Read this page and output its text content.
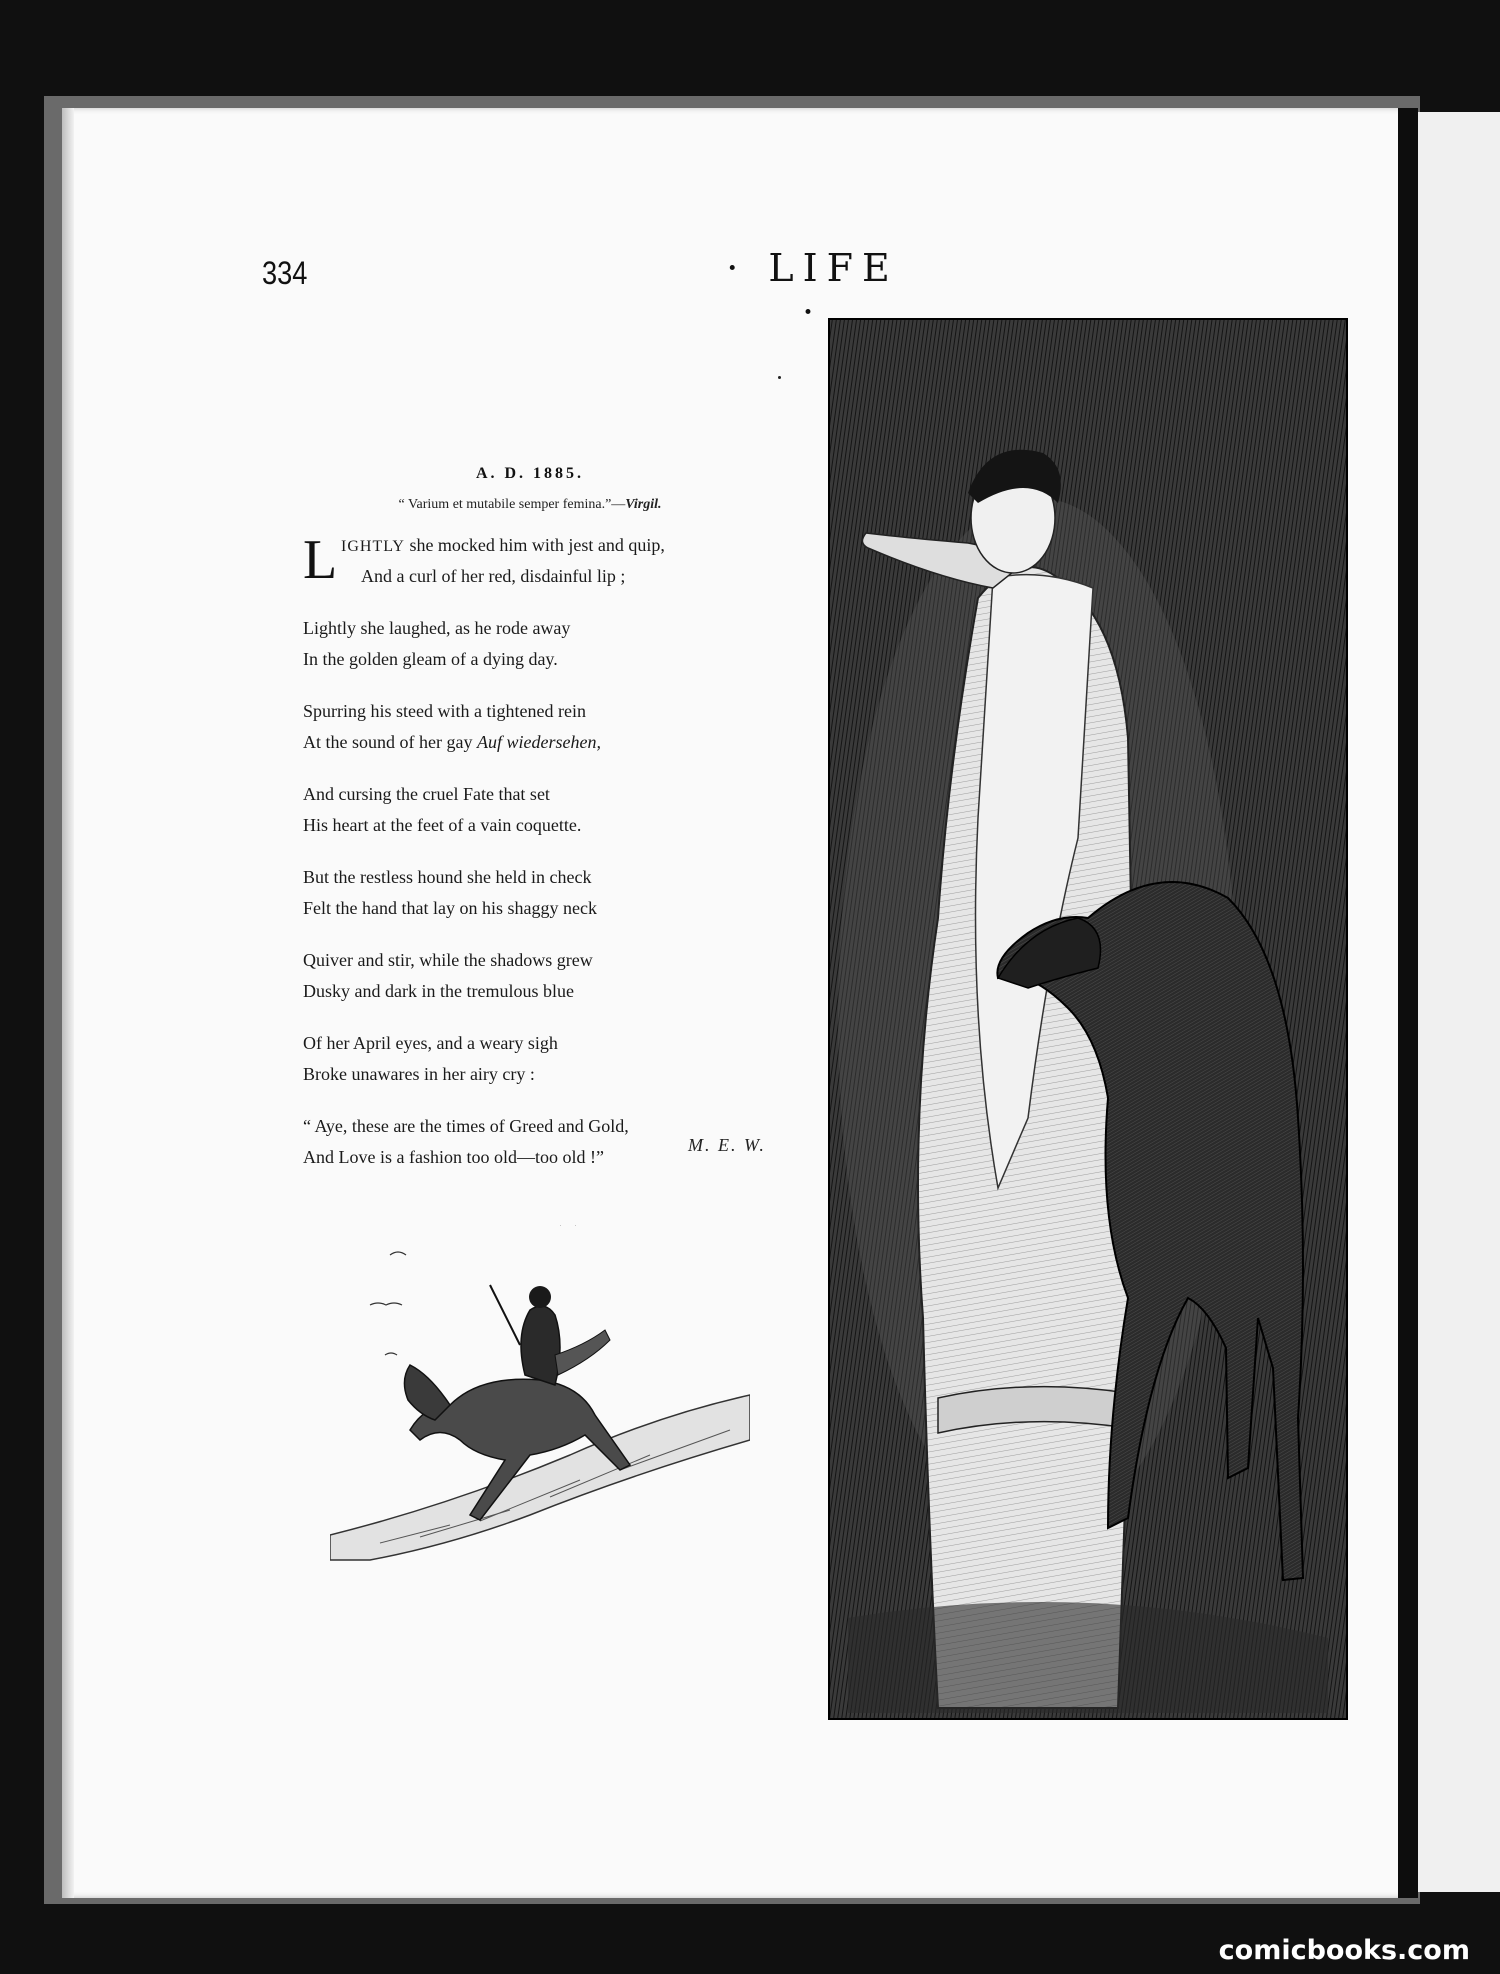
334	· LIFE ·
A. D. 1885.
“ Varium et mutabile semper femina.”—Virgil.
L IGHTLY she mocked him with jest and quip,
And a curl of her red, disdainful lip ;
Lightly she laughed, as he rode away
In the golden gleam of a dying day.
Spurring his steed with a tightened rein
At the sound of her gay Auf wiedersehen,
And cursing the cruel Fate that set
His heart at the feet of a vain coquette.
But the restless hound she held in check
Felt the hand that lay on his shaggy neck
Quiver and stir, while the shadows grew
Dusky and dark in the tremulous blue
Of her April eyes, and a weary sigh
Broke unawares in her airy cry :
“ Aye, these are the times of Greed and Gold,
And Love is a fashion too old—too old !”
M. E. W.
comicbooks.com
